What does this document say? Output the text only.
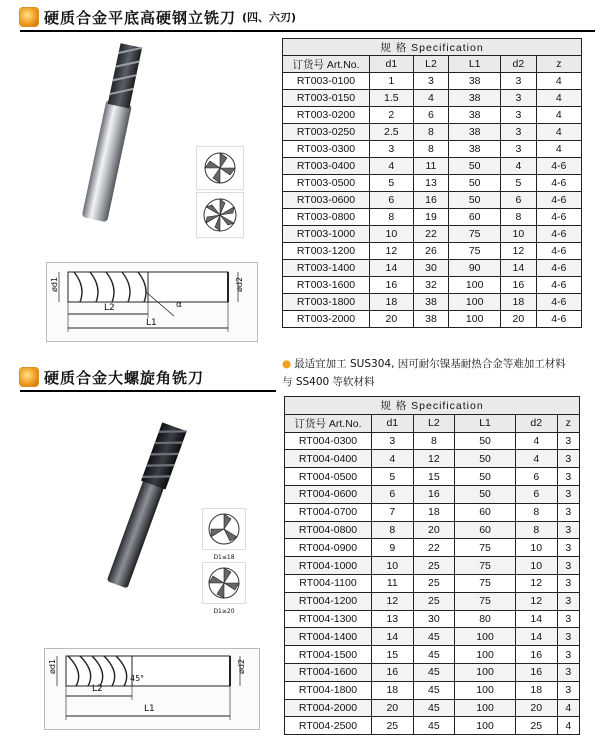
硬质合金平底高硬钢立铣刀 (四、六刃)
ød1	ød2
L2
L1
α
规 格 Specification					
订货号 Art.No.	d1	L2	L1	d2	z
RT003-0100	1	3	38	3	4
RT003-0150	1.5	4	38	3	4
RT003-0200	2	6	38	3	4
RT003-0250	2.5	8	38	3	4
RT003-0300	3	8	38	3	4
RT003-0400	4	11	50	4	4-6
RT003-0500	5	13	50	5	4-6
RT003-0600	6	16	50	6	4-6
RT003-0800	8	19	60	8	4-6
RT003-1000	10	22	75	10	4-6
RT003-1200	12	26	75	12	4-6
RT003-1400	14	30	90	14	4-6
RT003-1600	16	32	100	16	4-6
RT003-1800	18	38	100	18	4-6
RT003-2000	20	38	100	20	4-6
硬质合金大螺旋角铣刀
● 最适宜加工 SUS304, 因可耐尔镍基耐热合金等难加工材料
与 SS400 等软材料
D1≤18
D1≥20
ød1	ød2
L2
L1
45°
规 格 Specification					
订货号 Art.No.	d1	L2	L1	d2	z
RT004-0300	3	8	50	4	3
RT004-0400	4	12	50	4	3
RT004-0500	5	15	50	6	3
RT004-0600	6	16	50	6	3
RT004-0700	7	18	60	8	3
RT004-0800	8	20	60	8	3
RT004-0900	9	22	75	10	3
RT004-1000	10	25	75	10	3
RT004-1100	11	25	75	12	3
RT004-1200	12	25	75	12	3
RT004-1300	13	30	80	14	3
RT004-1400	14	45	100	14	3
RT004-1500	15	45	100	16	3
RT004-1600	16	45	100	16	3
RT004-1800	18	45	100	18	3
RT004-2000	20	45	100	20	4
RT004-2500	25	45	100	25	4
